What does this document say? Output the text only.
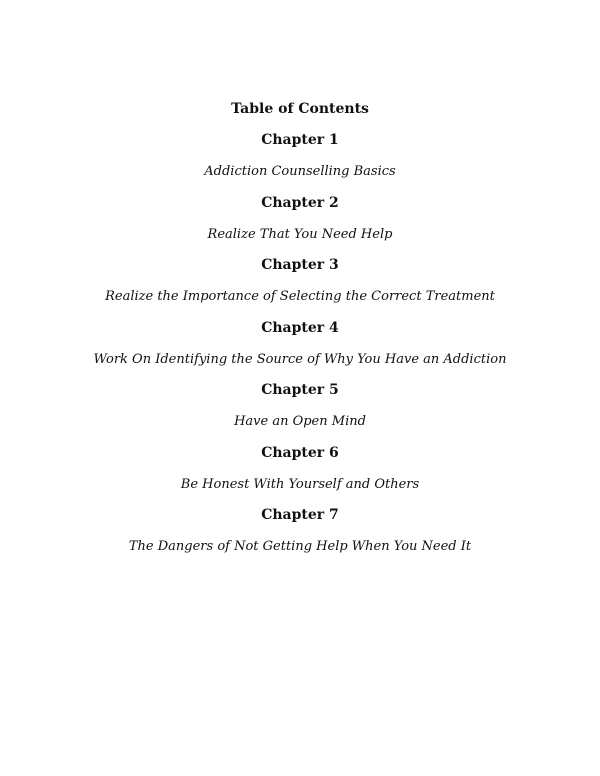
Table of Contents
Chapter 1
Addiction Counselling Basics
Chapter 2
Realize That You Need Help
Chapter 3
Realize the Importance of Selecting the Correct Treatment
Chapter 4
Work On Identifying the Source of Why You Have an Addiction
Chapter 5
Have an Open Mind
Chapter 6
Be Honest With Yourself and Others
Chapter 7
The Dangers of Not Getting Help When You Need It
